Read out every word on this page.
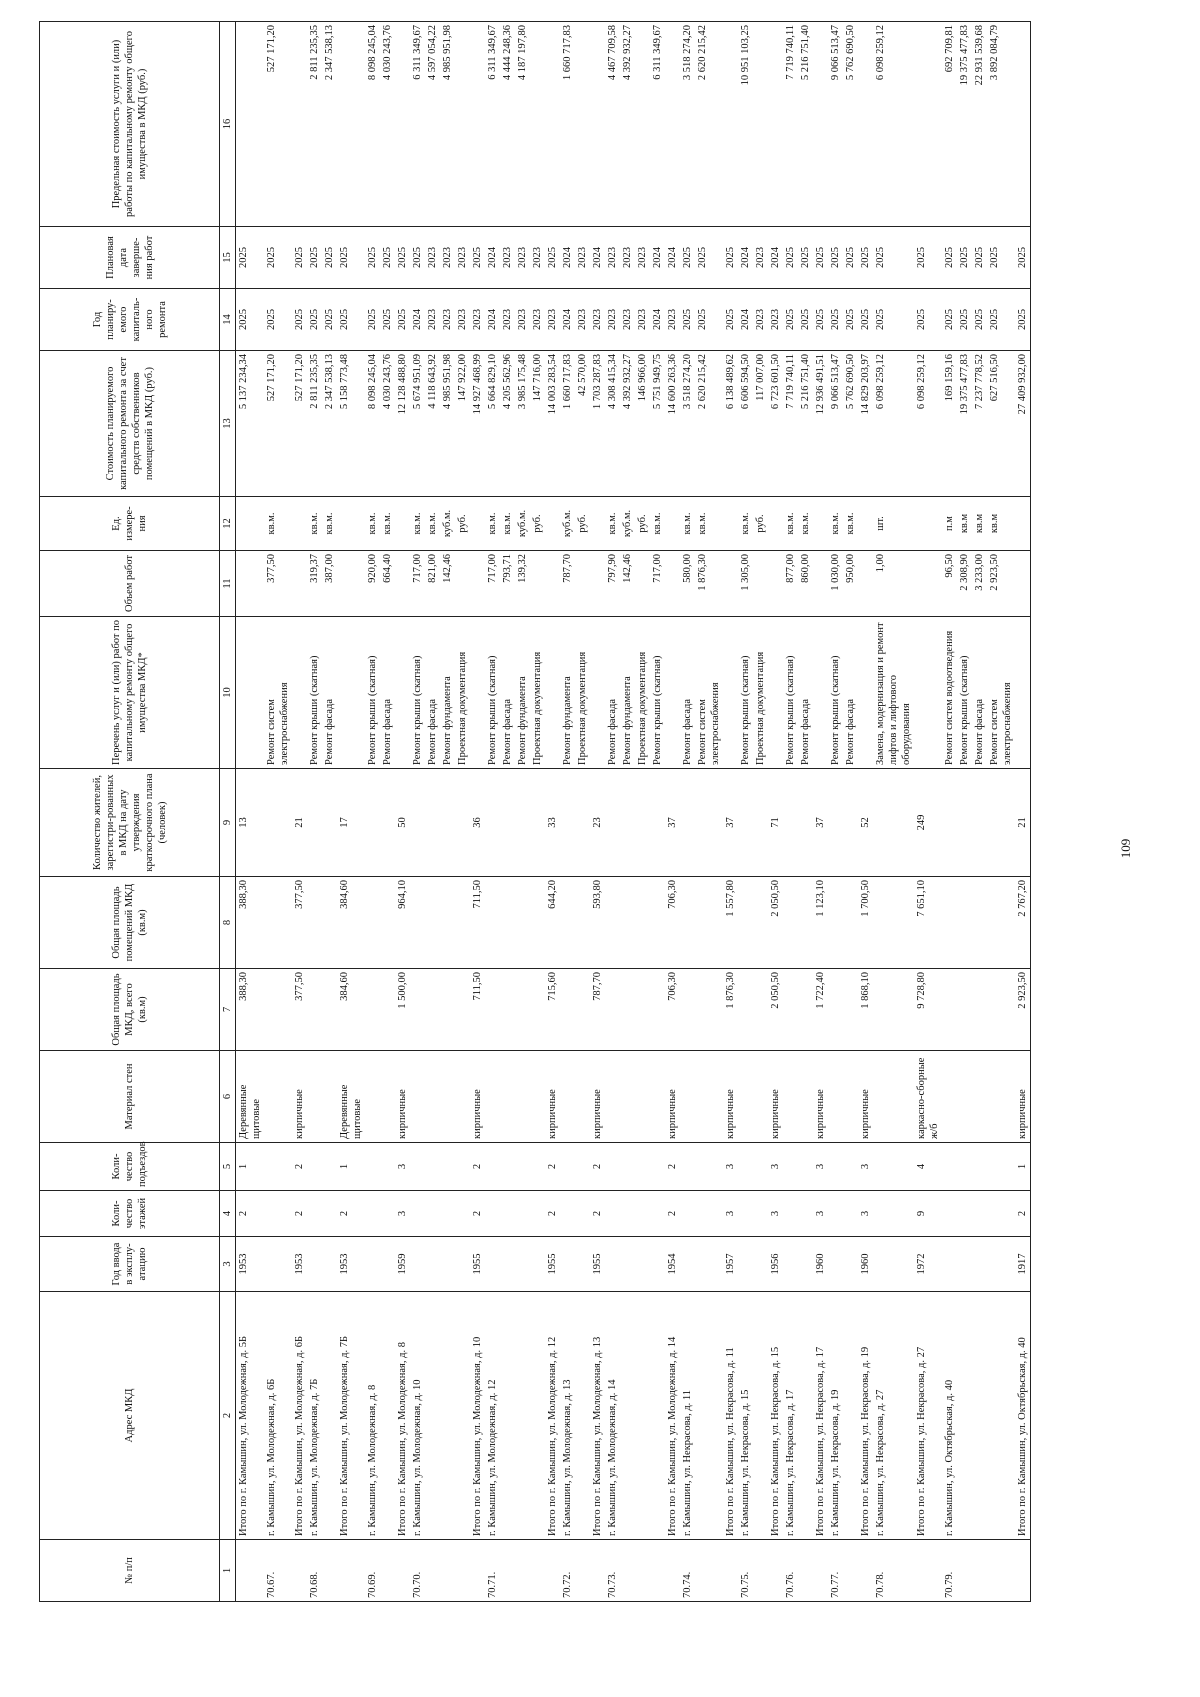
№ п/п	Адрес МКД	Год ввода в эксплу-атацию	Коли-чество этажей	Коли-чество подъездов	Материал стен	Общая площадь МКД, всего (кв.м)	Общая площадь помещений МКД (кв.м)	Количество жителей, зарегистри-рованных в МКД на дату утверждения краткосрочного плана (человек)	Перечень услуг и (или) работ по капитальному ремонту общего имущества МКД*	Объем работ	Ед. измере-ния	Стоимость планируемого капитального ремонта за счет средств собственников помещений в МКД (руб.)	Год планиру-емого капиталь-ного ремонта	Плановая дата заверше-ния работ	Предельная стоимость услуги и (или) работы по капитальному ремонту общего имущества в МКД (руб.)
1	2	3	4	5	6	7	8	9	10	11	12	13	14	15	16
	Итого по г. Камышин, ул. Молодежная, д. 5Б	1953	2	1	Деревянные щитовые	388,30	388,30	13				5 137 234,34	2025	2025	
70.67.	г. Камышин, ул. Молодежная, д. 6Б								Ремонт систем электроснабжения	377,50	кв.м.	527 171,20	2025	2025	527 171,20
	Итого по г. Камышин, ул. Молодежная, д. 6Б	1953	2	2	кирпичные	377,50	377,50	21				527 171,20	2025	2025	
70.68.	г. Камышин, ул. Молодежная, д. 7Б								Ремонт крыши (скатная)	319,37	кв.м.	2 811 235,35	2025	2025	2 811 235,35
									Ремонт фасада	387,00	кв.м.	2 347 538,13	2025	2025	2 347 538,13
	Итого по г. Камышин, ул. Молодежная, д. 7Б	1953	2	1	Деревянные щитовые	384,60	384,60	17				5 158 773,48	2025	2025	
70.69.	г. Камышин, ул. Молодежная, д. 8								Ремонт крыши (скатная)	920,00	кв.м.	8 098 245,04	2025	2025	8 098 245,04
									Ремонт фасада	664,40	кв.м.	4 030 243,76	2025	2025	4 030 243,76
	Итого по г. Камышин, ул. Молодежная, д. 8	1959	3	3	кирпичные	1 500,00	964,10	50				12 128 488,80	2025	2025	
70.70.	г. Камышин, ул. Молодежная, д. 10								Ремонт крыши (скатная)	717,00	кв.м.	5 674 951,09	2024	2025	6 311 349,67
									Ремонт фасада	821,00	кв.м.	4 118 643,92	2023	2023	4 597 054,22
									Ремонт фундамента	142,46	куб.м.	4 985 951,98	2023	2023	4 985 951,98
									Проектная документация		руб.	147 922,00	2023	2023	
	Итого по г. Камышин, ул. Молодежная, д. 10	1955	2	2	кирпичные	711,50	711,50	36				14 927 468,99	2023	2025	
70.71.	г. Камышин, ул. Молодежная, д. 12								Ремонт крыши (скатная)	717,00	кв.м.	5 664 829,10	2024	2024	6 311 349,67
									Ремонт фасада	793,71	кв.м.	4 205 562,96	2023	2023	4 444 248,36
									Ремонт фундамента	139,32	куб.м.	3 985 175,48	2023	2023	4 187 197,80
									Проектная документация		руб.	147 716,00	2023	2023	
	Итого по г. Камышин, ул. Молодежная, д. 12	1955	2	2	кирпичные	715,60	644,20	33				14 003 283,54	2023	2025	
70.72.	г. Камышин, ул. Молодежная, д. 13								Ремонт фундамента	787,70	куб.м.	1 660 717,83	2024	2024	1 660 717,83
									Проектная документация		руб.	42 570,00	2023	2023	
	Итого по г. Камышин, ул. Молодежная, д. 13	1955	2	2	кирпичные	787,70	593,80	23				1 703 287,83	2023	2024	
70.73.	г. Камышин, ул. Молодежная, д. 14								Ремонт фасада	797,90	кв.м.	4 308 415,34	2023	2023	4 467 709,58
									Ремонт фундамента	142,46	куб.м.	4 392 932,27	2023	2023	4 392 932,27
									Проектная документация		руб.	146 966,00	2023	2023	
									Ремонт крыши (скатная)	717,00	кв.м.	5 751 949,75	2024	2024	6 311 349,67
	Итого по г. Камышин, ул. Молодежная, д. 14	1954	2	2	кирпичные	706,30	706,30	37				14 600 263,36	2023	2024	
70.74.	г. Камышин, ул. Некрасова, д. 11								Ремонт фасада	580,00	кв.м.	3 518 274,20	2025	2025	3 518 274,20
									Ремонт систем электроснабжения	1 876,30	кв.м.	2 620 215,42	2025	2025	2 620 215,42
	Итого по г. Камышин, ул. Некрасова, д. 11	1957	3	3	кирпичные	1 876,30	1 557,80	37				6 138 489,62	2025	2025	
70.75.	г. Камышин, ул. Некрасова, д. 15								Ремонт крыши (скатная)	1 305,00	кв.м.	6 606 594,50	2024	2024	10 951 103,25
									Проектная документация		руб.	117 007,00	2023	2023	
	Итого по г. Камышин, ул. Некрасова, д. 15	1956	3	3	кирпичные	2 050,50	2 050,50	71				6 723 601,50	2023	2024	
70.76.	г. Камышин, ул. Некрасова, д. 17								Ремонт крыши (скатная)	877,00	кв.м.	7 719 740,11	2025	2025	7 719 740,11
									Ремонт фасада	860,00	кв.м.	5 216 751,40	2025	2025	5 216 751,40
	Итого по г. Камышин, ул. Некрасова, д. 17	1960	3	3	кирпичные	1 722,40	1 123,10	37				12 936 491,51	2025	2025	
70.77.	г. Камышин, ул. Некрасова, д. 19								Ремонт крыши (скатная)	1 030,00	кв.м.	9 066 513,47	2025	2025	9 066 513,47
									Ремонт фасада	950,00	кв.м.	5 762 690,50	2025	2025	5 762 690,50
	Итого по г. Камышин, ул. Некрасова, д. 19	1960	3	3	кирпичные	1 868,10	1 700,50	52				14 829 203,97	2025	2025	
70.78.	г. Камышин, ул. Некрасова, д. 27								Замена, модернизация и ремонт лифтов и лифтового оборудования	1,00	шт.	6 098 259,12	2025	2025	6 098 259,12
	Итого по г. Камышин, ул. Некрасова, д. 27	1972	9	4	каркасно-сборные ж/б	9 728,80	7 651,10	249				6 098 259,12	2025	2025	
70.79.	г. Камышин, ул. Октябрьская, д. 40								Ремонт систем водоотведения	96,50	п.м	169 159,16	2025	2025	692 709,81
									Ремонт крыши (скатная)	2 308,90	кв.м	19 375 477,83	2025	2025	19 375 477,83
									Ремонт фасада	3 233,00	кв.м	7 237 778,52	2025	2025	22 931 539,68
									Ремонт систем электроснабжения	2 923,50	кв.м	627 516,50	2025	2025	3 892 084,79
	Итого по г. Камышин, ул. Октябрьская, д. 40	1917	2	1	кирпичные	2 923,50	2 767,20	21				27 409 932,00	2025	2025	
109
